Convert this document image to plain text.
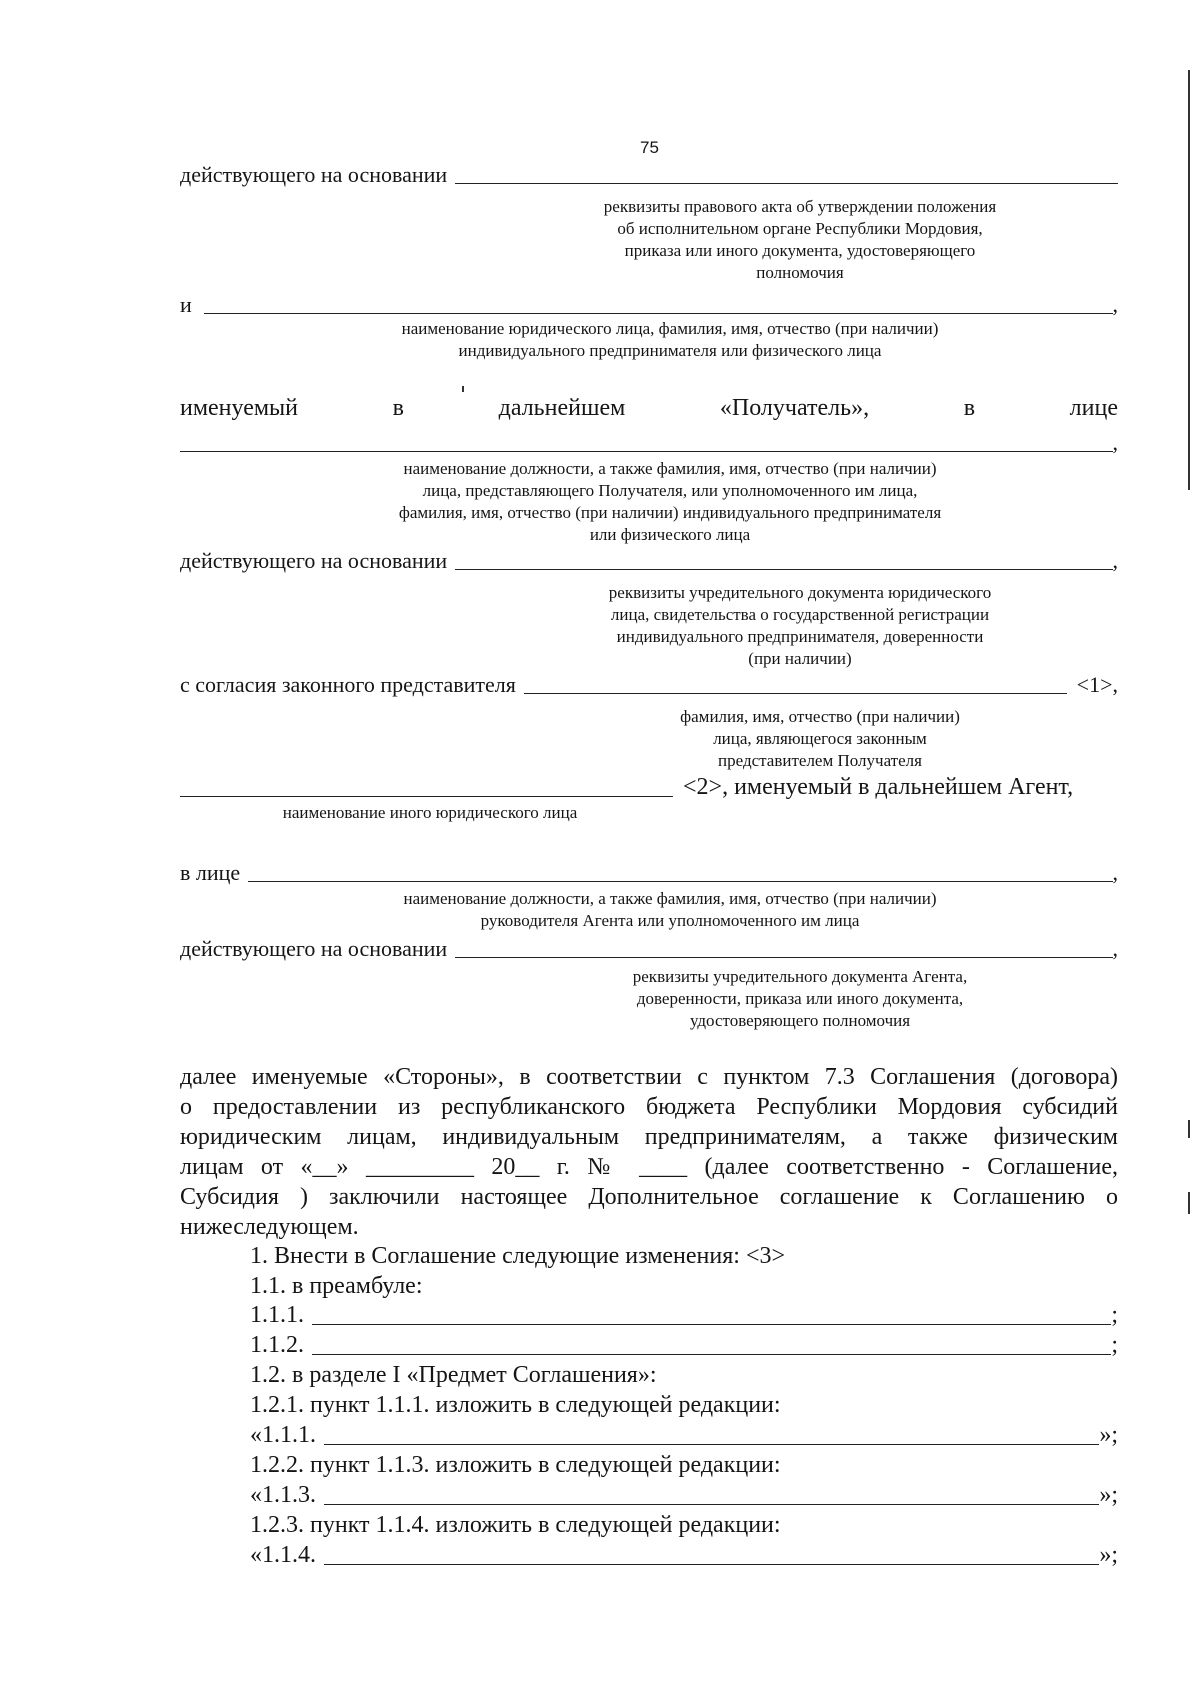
75
действующего на основании
реквизиты правового акта об утверждении положения
об исполнительном органе Республики Мордовия,
приказа или иного документа, удостоверяющего
полномочия
и	,
наименование юридического лица, фамилия, имя, отчество (при наличии)
индивидуального предпринимателя или физического лица
именуемый	в	дальнейшем	«Получатель»,	в	лице
,
наименование должности, а также фамилия, имя, отчество (при наличии)
лица, представляющего Получателя, или уполномоченного им лица,
фамилия, имя, отчество (при наличии) индивидуального предпринимателя
или физического лица
действующего на основании	,
реквизиты учредительного документа юридического
лица, свидетельства о государственной регистрации
индивидуального предпринимателя, доверенности
(при наличии)
с согласия законного представителя	<1>,
фамилия, имя, отчество (при наличии)
лица, являющегося законным
представителем Получателя
<2>, именуемый в дальнейшем Агент,
наименование иного юридического лица
в лице	,
наименование должности, а также фамилия, имя, отчество (при наличии)
руководителя Агента или уполномоченного им лица
действующего на основании	,
реквизиты учредительного документа Агента,
доверенности, приказа или иного документа,
удостоверяющего полномочия
далее именуемые «Стороны», в соответствии с пунктом 7.3 Соглашения (договора)
о предоставлении из республиканского бюджета Республики Мордовия субсидий
юридическим лицам, индивидуальным предпринимателям, а также физическим
лицам от «__» _________ 20__ г. № ____ (далее соответственно - Соглашение,
Субсидия ) заключили настоящее Дополнительное соглашение к Соглашению о
нижеследующем.
1. Внести в Соглашение следующие изменения: <3>
1.1. в преамбуле:
1.1.1.	;
1.1.2.	;
1.2. в разделе I «Предмет Соглашения»:
1.2.1. пункт 1.1.1. изложить в следующей редакции:
«1.1.1.	»;
1.2.2. пункт 1.1.3. изложить в следующей редакции:
«1.1.3.	»;
1.2.3. пункт 1.1.4. изложить в следующей редакции:
«1.1.4.	»;
